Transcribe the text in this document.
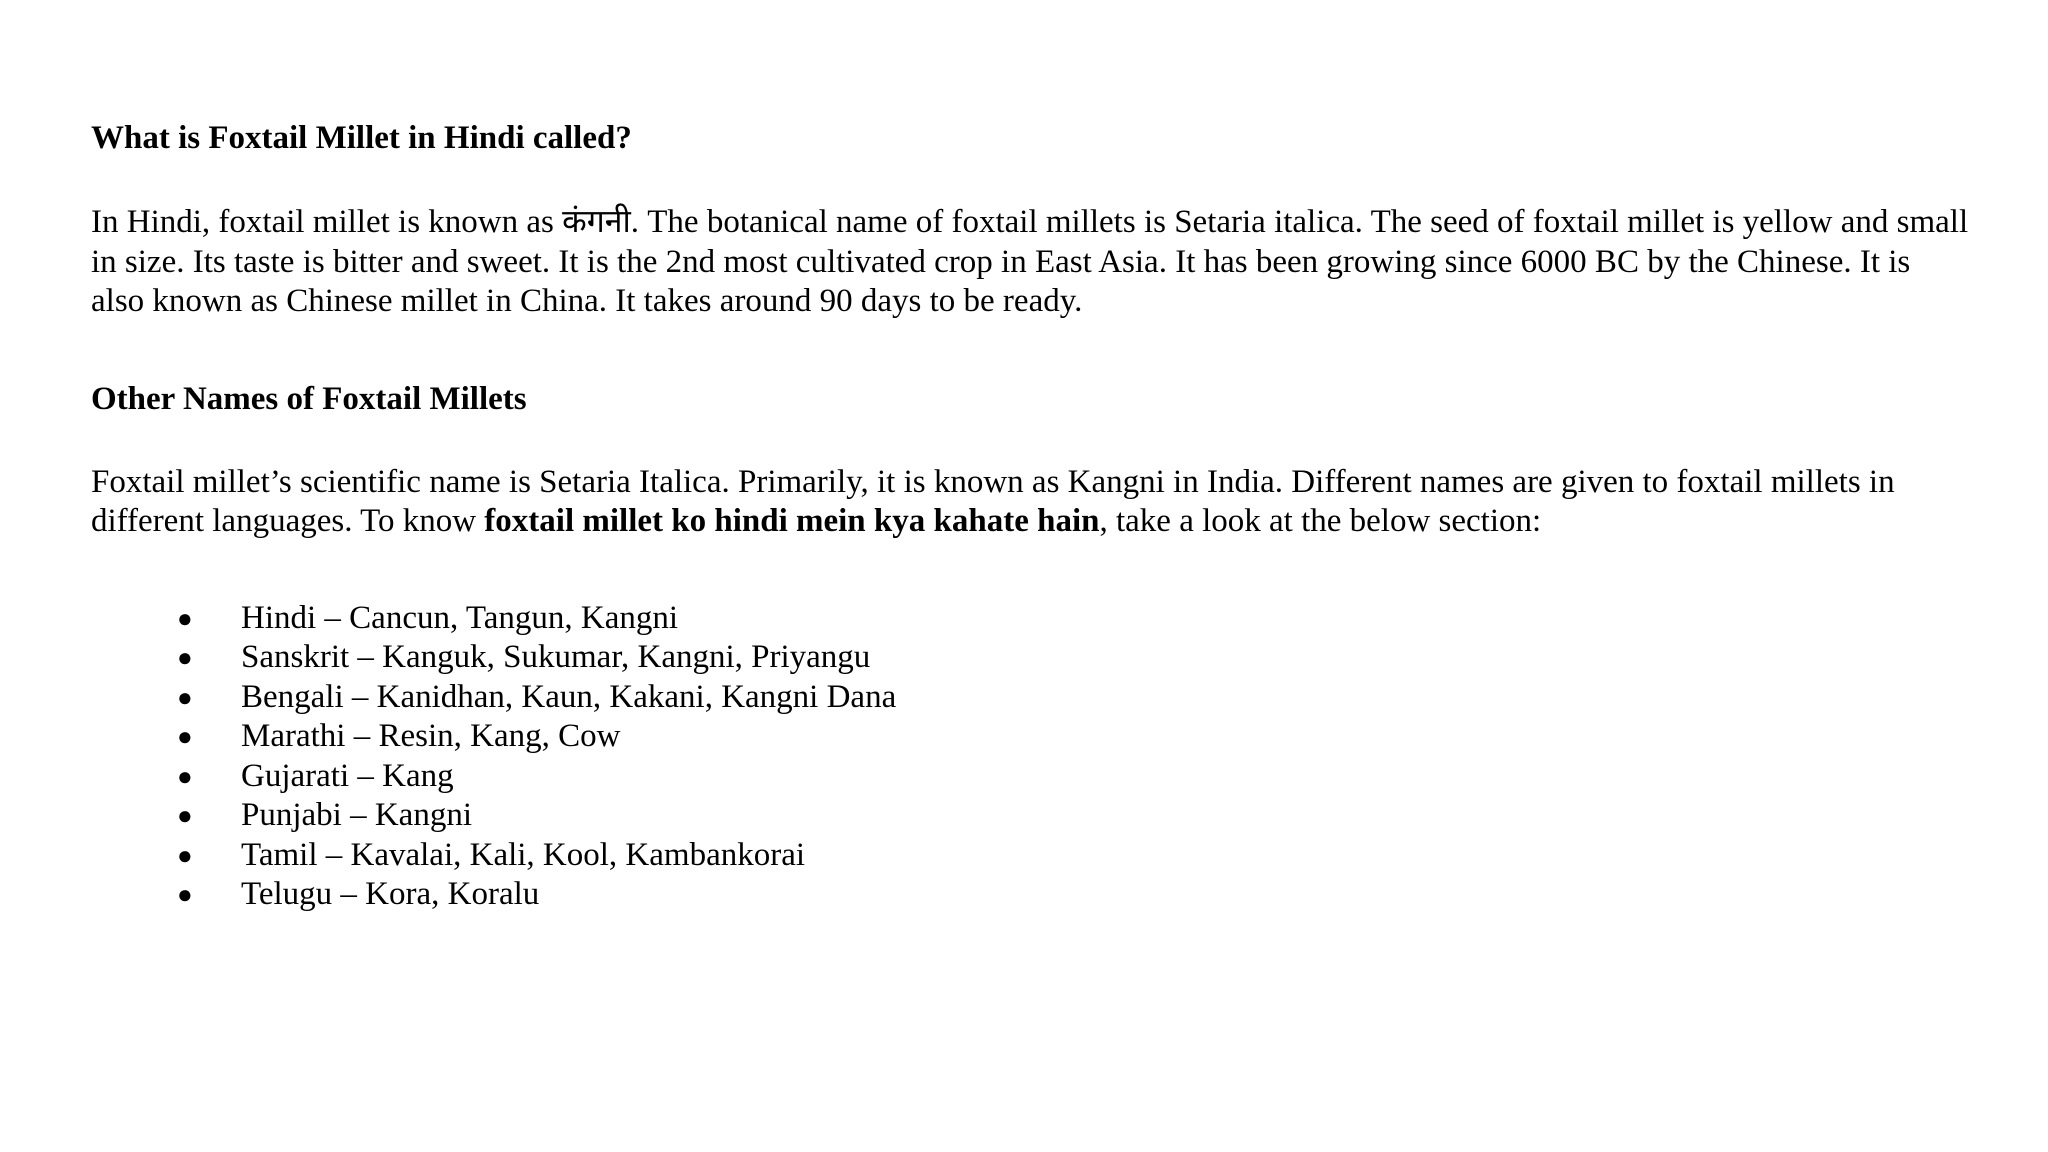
What is Foxtail Millet in Hindi called?

In Hindi, foxtail millet is known as कंगनी. The botanical name of foxtail millets is Setaria italica. The seed of foxtail millet is yellow and small in size. Its taste is bitter and sweet. It is the 2nd most cultivated crop in East Asia. It has been growing since 6000 BC by the Chinese. It is also known as Chinese millet in China. It takes around 90 days to be ready.

Other Names of Foxtail Millets

Foxtail millet’s scientific name is Setaria Italica. Primarily, it is known as Kangni in India. Different names are given to foxtail millets in different languages. To know foxtail millet ko hindi mein kya kahate hain, take a look at the below section:

● Hindi – Cancun, Tangun, Kangni
● Sanskrit – Kanguk, Sukumar, Kangni, Priyangu
● Bengali – Kanidhan, Kaun, Kakani, Kangni Dana
● Marathi – Resin, Kang, Cow
● Gujarati – Kang
● Punjabi – Kangni
● Tamil – Kavalai, Kali, Kool, Kambankorai
● Telugu – Kora, Koralu
